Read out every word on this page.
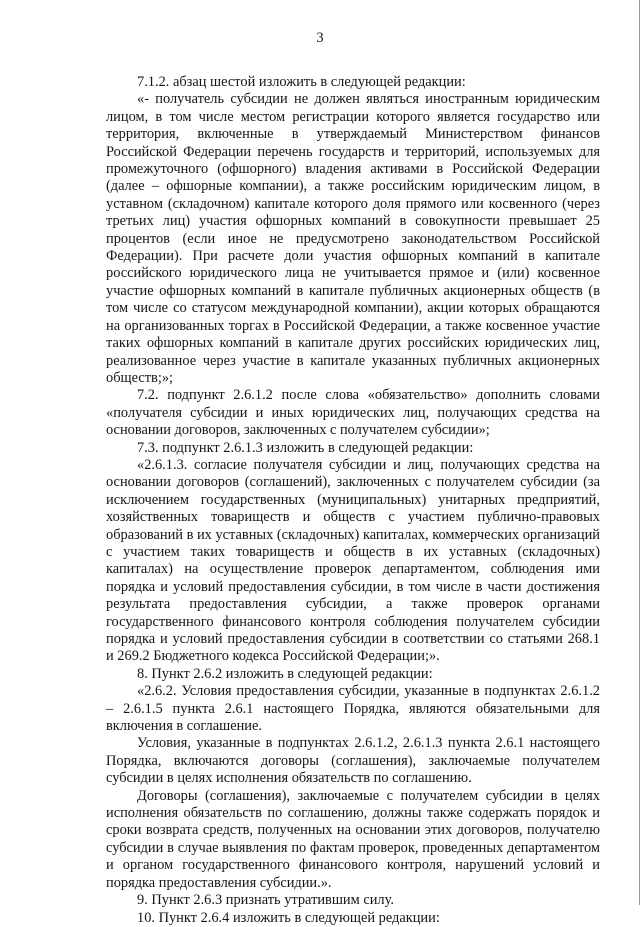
3

7.1.2. абзац шестой изложить в следующей редакции:

«- получатель субсидии не должен являться иностранным юридическим лицом, в том числе местом регистрации которого является государство или территория, включенные в утверждаемый Министерством финансов Российской Федерации перечень государств и территорий, используемых для промежуточного (офшорного) владения активами в Российской Федерации (далее – офшорные компании), а также российским юридическим лицом, в уставном (складочном) капитале которого доля прямого или косвенного (через третьих лиц) участия офшорных компаний в совокупности превышает 25 процентов (если иное не предусмотрено законодательством Российской Федерации). При расчете доли участия офшорных компаний в капитале российского юридического лица не учитывается прямое и (или) косвенное участие офшорных компаний в капитале публичных акционерных обществ (в том числе со статусом международной компании), акции которых обращаются на организованных торгах в Российской Федерации, а также косвенное участие таких офшорных компаний в капитале других российских юридических лиц, реализованное через участие в капитале указанных публичных акционерных обществ;»;

7.2. подпункт 2.6.1.2 после слова «обязательство» дополнить словами «получателя субсидии и иных юридических лиц, получающих средства на основании договоров, заключенных с получателем субсидии»;

7.3. подпункт 2.6.1.3 изложить в следующей редакции:

«2.6.1.3. согласие получателя субсидии и лиц, получающих средства на основании договоров (соглашений), заключенных с получателем субсидии (за исключением государственных (муниципальных) унитарных предприятий, хозяйственных товариществ и обществ с участием публично-правовых образований в их уставных (складочных) капиталах, коммерческих организаций с участием таких товариществ и обществ в их уставных (складочных) капиталах) на осуществление проверок департаментом, соблюдения ими порядка и условий предоставления субсидии, в том числе в части достижения результата предоставления субсидии, а также проверок органами государственного финансового контроля соблюдения получателем субсидии порядка и условий предоставления субсидии в соответствии со статьями 268.1 и 269.2 Бюджетного кодекса Российской Федерации;».

8. Пункт 2.6.2 изложить в следующей редакции:

«2.6.2. Условия предоставления субсидии, указанные в подпунктах 2.6.1.2 – 2.6.1.5 пункта 2.6.1 настоящего Порядка, являются обязательными для включения в соглашение.

Условия, указанные в подпунктах 2.6.1.2, 2.6.1.3 пункта 2.6.1 настоящего Порядка, включаются договоры (соглашения), заключаемые получателем субсидии в целях исполнения обязательств по соглашению.

Договоры (соглашения), заключаемые с получателем субсидии в целях исполнения обязательств по соглашению, должны также содержать порядок и сроки возврата средств, полученных на основании этих договоров, получателю субсидии в случае выявления по фактам проверок, проведенных департаментом и органом государственного финансового контроля, нарушений условий и порядка предоставления субсидии.».

9. Пункт 2.6.3 признать утратившим силу.

10. Пункт 2.6.4 изложить в следующей редакции:
